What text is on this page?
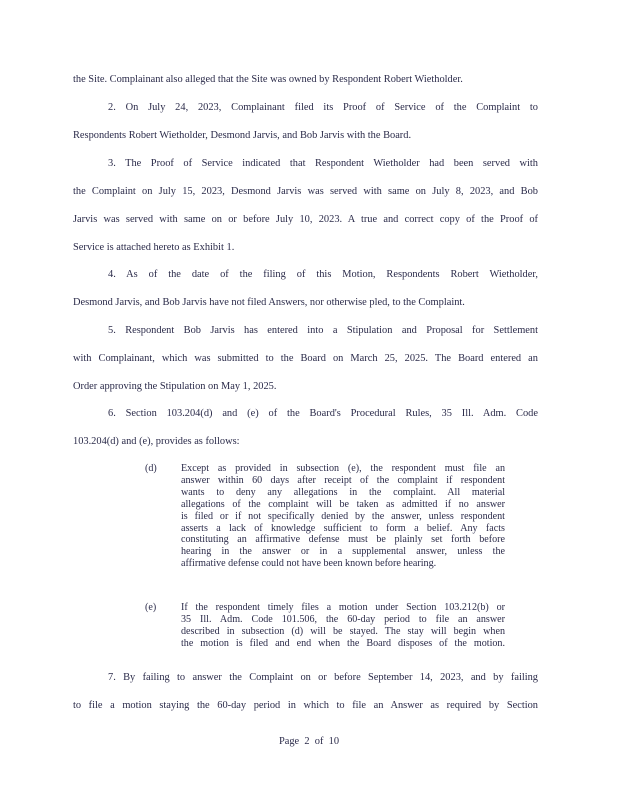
the Site. Complainant also alleged that the Site was owned by Respondent Robert Wietholder.
2. On July 24, 2023, Complainant filed its Proof of Service of the Complaint to
Respondents Robert Wietholder, Desmond Jarvis, and Bob Jarvis with the Board.
3. The Proof of Service indicated that Respondent Wietholder had been served with
the Complaint on July 15, 2023, Desmond Jarvis was served with same on July 8, 2023, and Bob
Jarvis was served with same on or before July 10, 2023. A true and correct copy of the Proof of
Service is attached hereto as Exhibit 1.
4. As of the date of the filing of this Motion, Respondents Robert Wietholder,
Desmond Jarvis, and Bob Jarvis have not filed Answers, nor otherwise pled, to the Complaint.
5. Respondent Bob Jarvis has entered into a Stipulation and Proposal for Settlement
with Complainant, which was submitted to the Board on March 25, 2025. The Board entered an
Order approving the Stipulation on May 1, 2025.
6. Section 103.204(d) and (e) of the Board's Procedural Rules, 35 Ill. Adm. Code
103.204(d) and (e), provides as follows:
(d)	Except as provided in subsection (e), the respondent must file an
answer within 60 days after receipt of the complaint if respondent
wants to deny any allegations in the complaint. All material
allegations of the complaint will be taken as admitted if no answer
is filed or if not specifically denied by the answer, unless respondent
asserts a lack of knowledge sufficient to form a belief. Any facts
constituting an affirmative defense must be plainly set forth before
hearing in the answer or in a supplemental answer, unless the
affirmative defense could not have been known before hearing.
(e)	If the respondent timely files a motion under Section 103.212(b) or
35 Ill. Adm. Code 101.506, the 60-day period to file an answer
described in subsection (d) will be stayed. The stay will begin when
the motion is filed and end when the Board disposes of the motion.
7. By failing to answer the Complaint on or before September 14, 2023, and by failing
to file a motion staying the 60-day period in which to file an Answer as required by Section
Page 2 of 10
